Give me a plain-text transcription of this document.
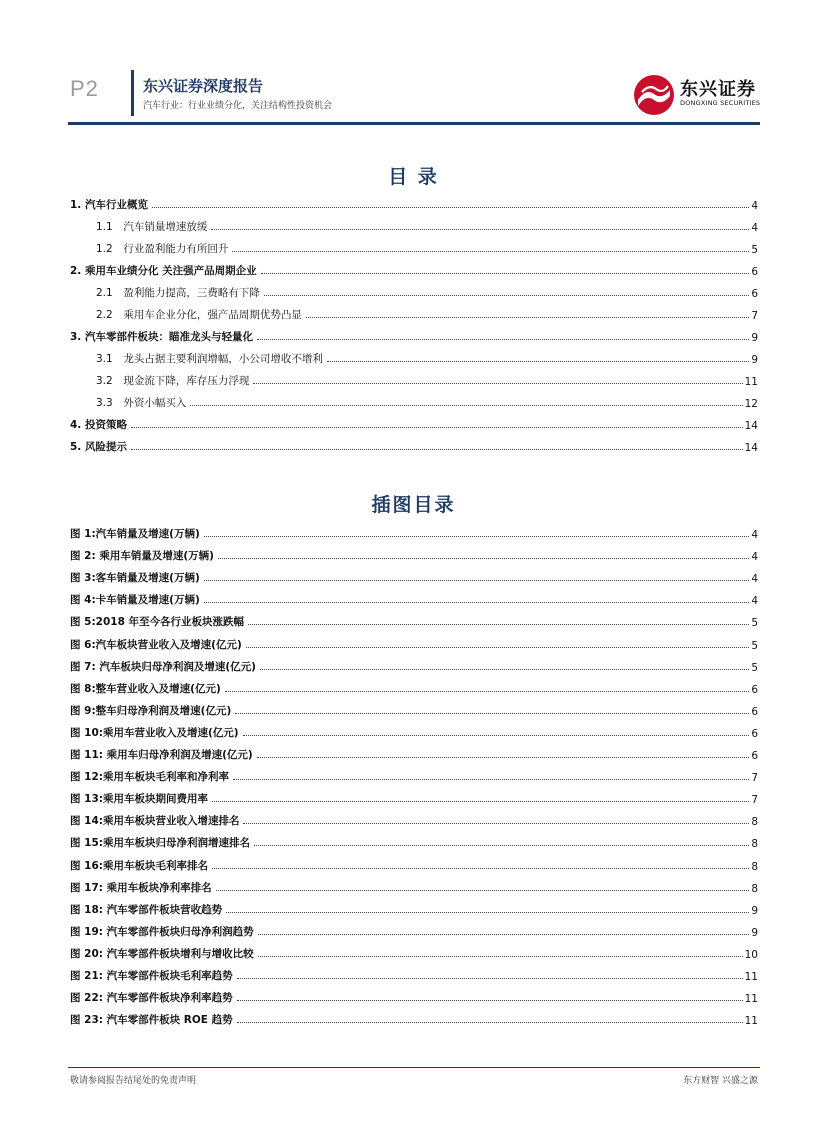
P2	东兴证券深度报告
汽车行业：行业业绩分化，关注结构性投资机会
东兴证券
DONGXING SECURITIES
目 录
1. 汽车行业概览	4
1.1 汽车销量增速放缓	4
1.2 行业盈利能力有所回升	5
2. 乘用车业绩分化 关注强产品周期企业	6
2.1 盈利能力提高，三费略有下降	6
2.2 乘用车企业分化，强产品周期优势凸显	7
3. 汽车零部件板块：瞄准龙头与轻量化	9
3.1 龙头占据主要利润增幅，小公司增收不增利	9
3.2 现金流下降，库存压力浮现	11
3.3 外资小幅买入	12
4. 投资策略	14
5. 风险提示	14
插图目录
图 1:汽车销量及增速(万辆)	4
图 2: 乘用车销量及增速(万辆)	4
图 3:客车销量及增速(万辆)	4
图 4:卡车销量及增速(万辆)	4
图 5:2018 年至今各行业板块涨跌幅	5
图 6:汽车板块营业收入及增速(亿元)	5
图 7: 汽车板块归母净利润及增速(亿元)	5
图 8:整车营业收入及增速(亿元)	6
图 9:整车归母净利润及增速(亿元)	6
图 10:乘用车营业收入及增速(亿元)	6
图 11: 乘用车归母净利润及增速(亿元)	6
图 12:乘用车板块毛利率和净利率	7
图 13:乘用车板块期间费用率	7
图 14:乘用车板块营业收入增速排名	8
图 15:乘用车板块归母净利润增速排名	8
图 16:乘用车板块毛利率排名	8
图 17: 乘用车板块净利率排名	8
图 18: 汽车零部件板块营收趋势	9
图 19: 汽车零部件板块归母净利润趋势	9
图 20: 汽车零部件板块增利与增收比较	10
图 21: 汽车零部件板块毛利率趋势	11
图 22: 汽车零部件板块净利率趋势	11
图 23: 汽车零部件板块 ROE 趋势	11
敬请参阅报告结尾处的免责声明	东方财智 兴盛之源
